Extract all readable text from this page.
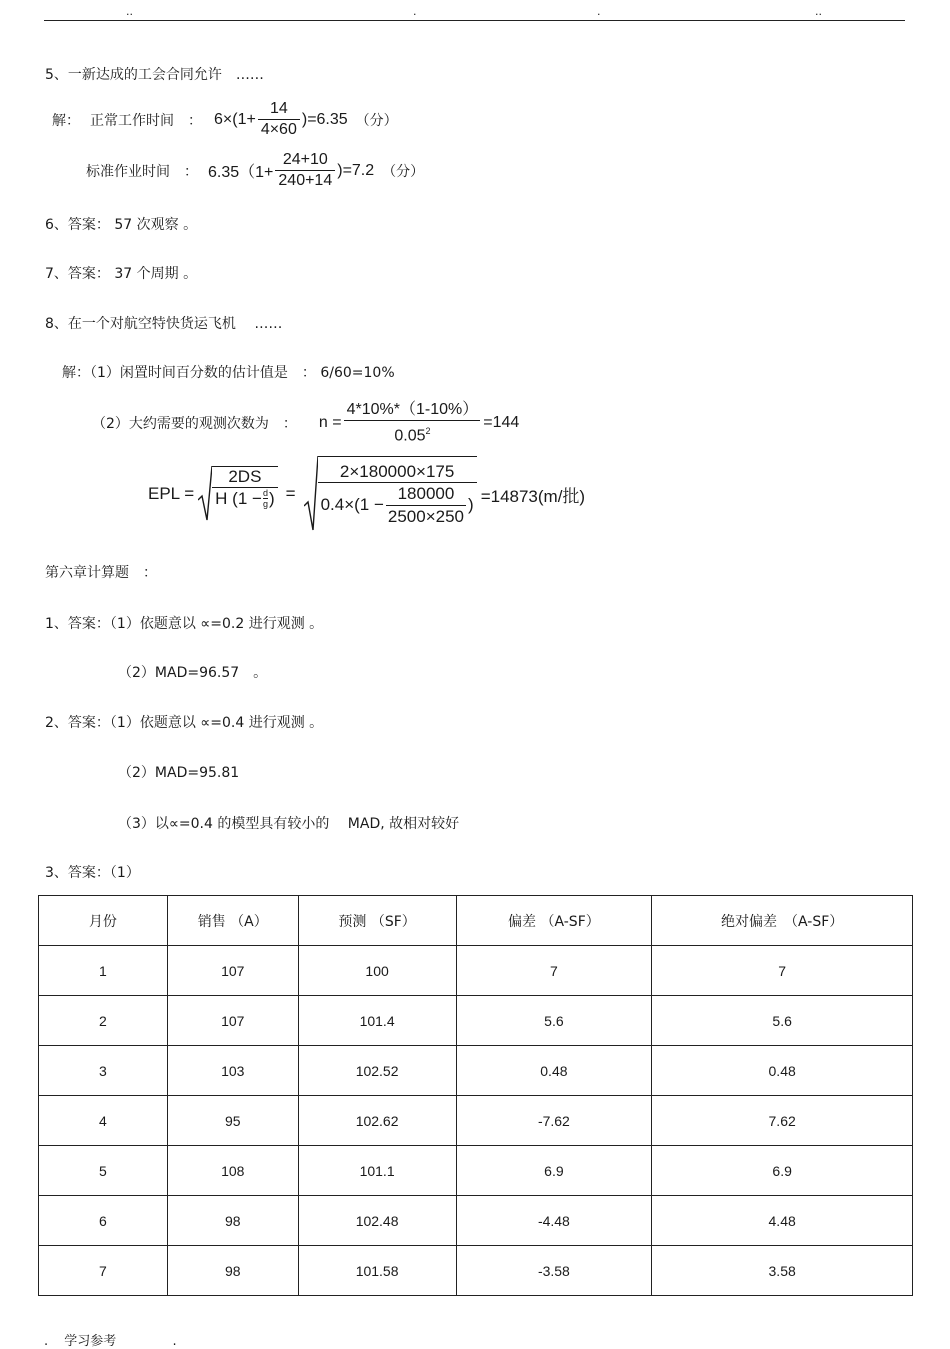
..	.	.	..
5、一新达成的工会合同允许　……
解： 正常工作时间　： $6\times(1+ \frac{14}{4\times 60} )=6.35$ （分）
标准作业时间　： $6.35(1+ \frac{24+10}{240+14} )=7.2$ （分）
6、答案： 57 次观察 。
7、答案： 37 个周期 。
8、在一个对航空特快货运飞机　 ……
解：（1）闲置时间百分数的估计值是　： 6/60=10%
（2）大约需要的观测次数为　： $n = \frac{4*10\%*(1-10\%)}{0.05^2} =144$
EPL = $\frac{2DS}{H (1 - \frac{d}{g} )}$ =
2×180000×175
$0.4\times(1 - \frac{180000}{2500\times 250}$ ) =14873(m/批)
第六章计算题　：
1、答案：（1）依题意以 ∝=0.2 进行观测 。
（2）MAD=96.57　。
2、答案：（1）依题意以 ∝=0.4 进行观测 。
（2）MAD=95.81
（3）以∝=0.4 的模型具有较小的　 MAD, 故相对较好
3、答案：（1）
月份	销售 （A）	预测 （SF）	偏差 （A-SF）	绝对偏差　（A-SF）
1	107	100	7	7
2	107	101.4	5.6	5.6
3	103	102.52	0.48	0.48
4	95	102.62	-7.62	7.62
5	108	101.1	6.9	6.9
6	98	102.48	-4.48	4.48
7	98	101.58	-3.58	3.58
. 学习参考	.
